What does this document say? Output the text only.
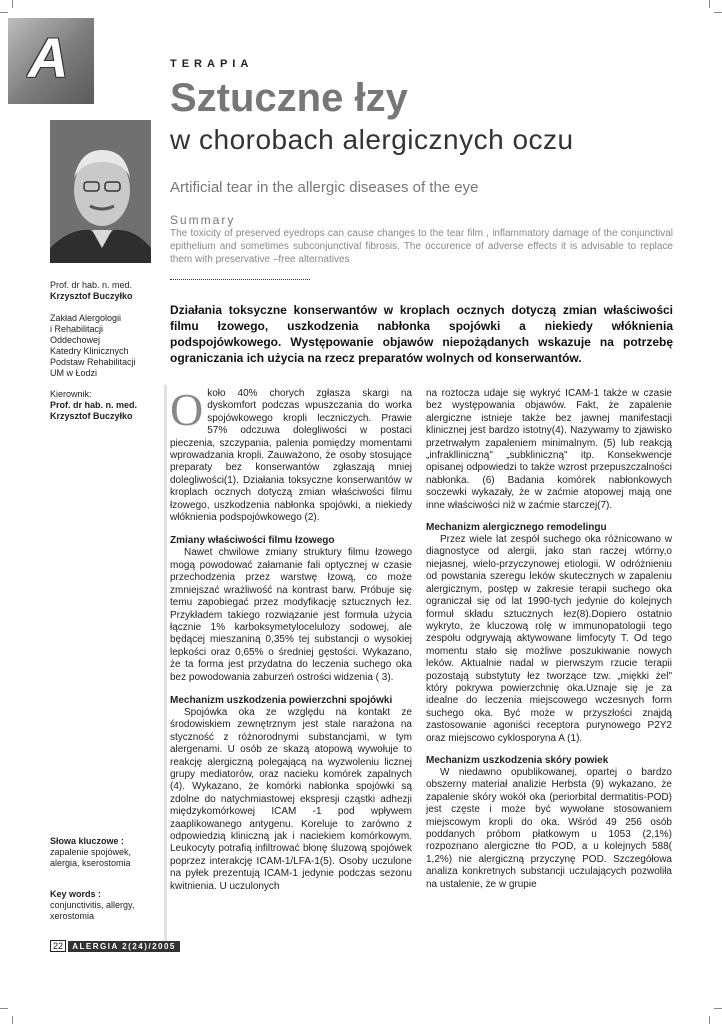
A	TERAPIA
Sztuczne łzy
w chorobach alergicznych oczu
Artificial tear in the allergic diseases of the eye
Summary
The toxicity of preserved eyedrops can cause changes to the tear film , inflammatory damage of the conjunctival epithelium and sometimes subconjunctival fibrosis. The occurence of adverse effects it is advisable to replace them with preservative –free alternatives
Działania toksyczne konserwantów w kroplach ocznych dotyczą zmian właściwości filmu łzowego, uszkodzenia nabłonka spojówki a niekiedy włóknienia podspojówkowego. Występowanie objawów niepożądanych wskazuje na potrzebę ograniczania ich użycia na rzecz preparatów wolnych od konserwantów.
Prof. dr hab. n. med.
Krzysztof Buczyłko
Zakład Alergologii
i Rehabilitacji
Oddechowej
Katedry Klinicznych
Podstaw Rehabilitacji
UM w Łodzi
Kierownik:
Prof. dr hab. n. med.
Krzysztof Buczyłko
Słowa kluczowe :
zapalenie spojówek, alergia, kserostomia
Key words :
conjunctivitis, allergy, xerostomia

Około 40% chorych zgłasza skargi na dyskomfort podczas wpuszczania do worka spojówkowego kropli leczniczych. Prawie 57% odczuwa dolegliwości w postaci pieczenia, szczypania, palenia pomiędzy momentami wprowadzania kropli. Zauważono, że osoby stosujące preparaty bez konserwantów zgłaszają mniej dolegliwości(1). Działania toksyczne konserwantów w kroplach ocznych dotyczą zmian właściwości filmu łzowego, uszkodzenia nabłonka spojówki, a niekiedy włóknienia podspojówkowego (2).

Zmiany właściwości filmu łzowego

Nawet chwilowe zmiany struktury filmu łzowego mogą powodować załamanie fali optycznej w czasie przechodzenia przez warstwę łzową, co może zmniejszać wrażliwość na kontrast barw. Próbuje się temu zapobiegać przez modyfikację sztucznych łez. Przykładem takiego rozwiązanie jest formuła użycia łącznie 1% karboksymetylocelulozy sodowej, ale będącej mieszaniną 0,35% tej substancji o wysokiej lepkości oraz 0,65% o średniej gęstości. Wykazano, że ta forma jest przydatna do leczenia suchego oka bez powodowania zaburzeń ostrości widzenia ( 3).

Mechanizm uszkodzenia powierzchni spojówki

Spojówka oka ze względu na kontakt ze środowiskiem zewnętrznym jest stale narażona na styczność z różnorodnymi substancjami, w tym alergenami. U osób ze skazą atopową wywołuje to reakcję alergiczną polegającą na wyzwoleniu licznej grupy mediatorów, oraz nacieku komórek zapalnych (4). Wykazano, że komórki nabłonka spojówki są zdolne do natychmiastowej ekspresji cząstki adhezji międzykomórkowej ICAM -1 pod wpływem zaaplikowanego antygenu. Koreluje to zarówno z odpowiedzią kliniczną jak i naciekiem komórkowym. Leukocyty potrafią infiltrować błonę śluzową spojówek poprzez interakcję ICAM-1/LFA-1(5). Osoby uczulone na pyłek prezentują ICAM-1 jedynie podczas sezonu kwitnienia. U uczulonych

na roztocza udaje się wykryć ICAM-1 także w czasie bez występowania objawów. Fakt, że zapalenie alergiczne istnieje także bez jawnej manifestacji klinicznej jest bardzo istotny(4). Nazywamy to zjawisko przetrwałym zapaleniem minimalnym. (5) lub reakcją „infraklliniczną" „subkliniczną" itp. Konsekwencje opisanej odpowiedzi to także wzrost przepuszczalności nabłonka. (6) Badania komórek nabłonkowych soczewki wykazały, że w zaćmie atopowej mają one inne właściwości niż w zaćmie starczej(7).

Mechanizm alergicznego remodelingu

Przez wiele lat zespół suchego oka różnicowano w diagnostyce od alergii, jako stan raczej wtórny,o niejasnej, wielo-przyczynowej etiologii. W odróżnieniu od powstania szeregu leków skutecznych w zapaleniu alergicznym, postęp w zakresie terapii suchego oka ograniczał się od lat 1990-tych jedynie do kolejnych formuł składu sztucznych łez(8).Dopiero ostatnio wykryto, że kluczową rolę w immunopatologii tego zespołu odgrywają aktywowane limfocyty T. Od tego momentu stało się możliwe poszukiwanie nowych leków. Aktualnie nadal w pierwszym rzucie terapii pozostają substytuty łez tworzące tzw. „miękki żel" który pokrywa powierzchnię oka.Uznaje się je za idealne do leczenia miejscowego wczesnych form suchego oka. Być może w przyszłości znajdą zastosowanie agoniści receptora purynowego P2Y2 oraz miejscowo cyklosporyna A (1).

Mechanizm uszkodzenia skóry powiek

W niedawno opublikowanej, opartej o bardzo obszerny materiał analizie Herbsta (9) wykazano, że zapalenie skóry wokół oka (periorbital dermatitis-POD) jest częste i może być wywołane stosowaniem miejscowym kropli do oka. Wśród 49 256 osób poddanych próbom płatkowym u 1053 (2,1%) rozpoznano alergiczne tło POD, a u kolejnych 588( 1,2%) nie alergiczną przyczynę POD. Szczegółowa analiza konkretnych substancji uczulających pozwoliła na ustalenie, że w grupie

22 ALERGIA 2(24)/2005
